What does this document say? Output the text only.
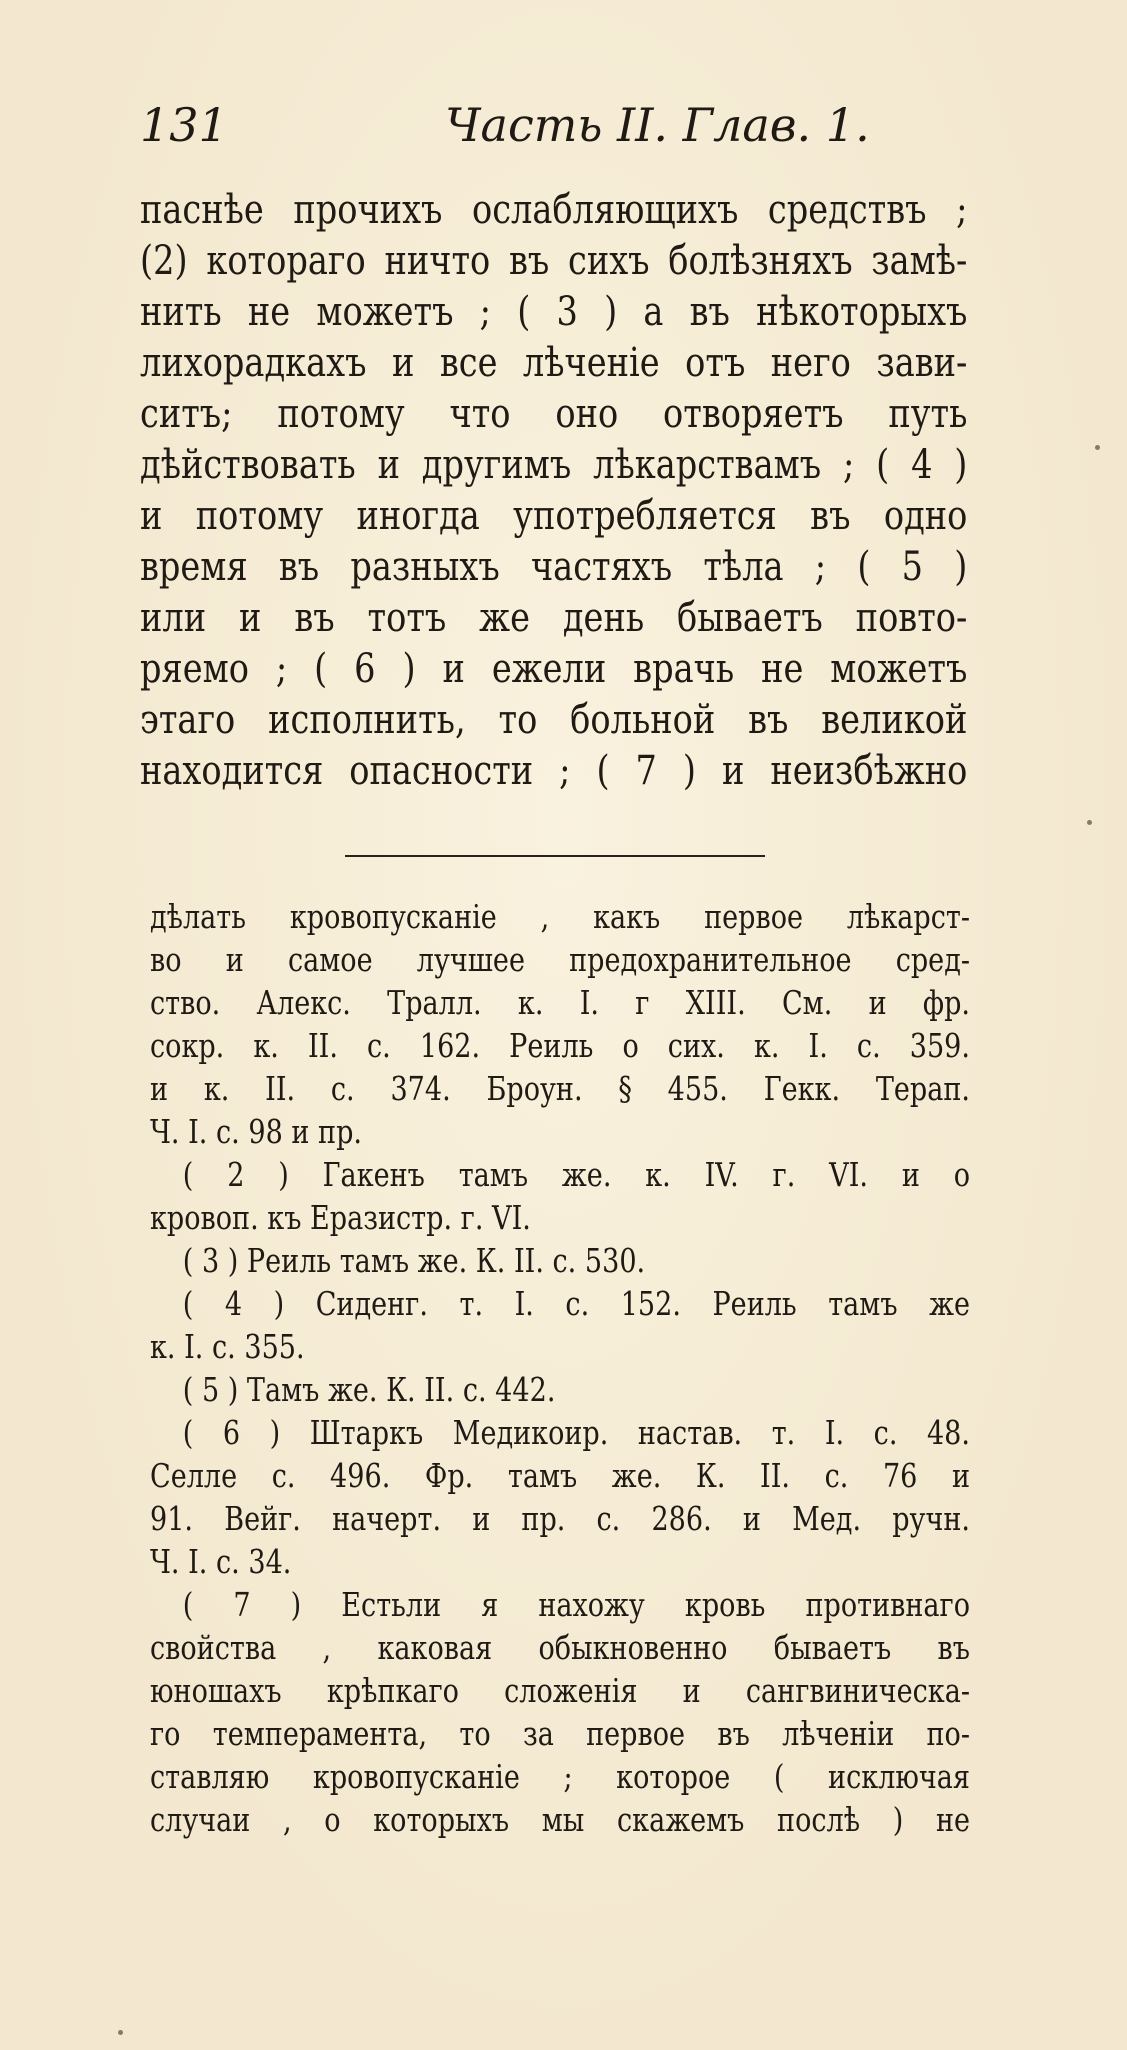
131	Часть II. Глав. 1.
паснѣе прочихъ ослабляющихъ средствъ ;
(2) котораго ничто въ сихъ болѣзняхъ замѣ-
нить не можетъ ; ( 3 ) а въ нѣкоторыхъ
лихорадкахъ и все лѣченіе отъ него зави-
ситъ; потому что оно отворяетъ путь
дѣйствовать и другимъ лѣкарствамъ ; ( 4 )
и потому иногда употребляется въ одно
время въ разныхъ частяхъ тѣла ; ( 5 )
или и въ тотъ же день бываетъ повто-
ряемо ; ( 6 ) и ежели врачь не можетъ
этаго исполнить, то больной въ великой
находится опасности ; ( 7 ) и неизбѣжно
дѣлать кровопусканіе , какъ первое лѣкарст-
во и самое лучшее предохранительное сред-
ство. Алекс. Тралл. к. I. г XIII. См. и фр.
сокр. к. II. с. 162. Реиль о сих. к. I. с. 359.
и к. II. с. 374. Броун. § 455. Гекк. Терап.
Ч. I. с. 98 и пр.
( 2 ) Гакенъ тамъ же. к. IV. г. VI. и о
кровоп. къ Еразистр. г. VI.
( 3 ) Реиль тамъ же. К. II. с. 530.
( 4 ) Сиденг. т. I. с. 152. Реиль тамъ же
к. I. с. 355.
( 5 ) Тамъ же. К. II. с. 442.
( 6 ) Штаркъ Медикоир. настав. т. I. с. 48.
Селле с. 496. Фр. тамъ же. К. II. с. 76 и
91. Вейг. начерт. и пр. с. 286. и Мед. ручн.
Ч. I. с. 34.
( 7 ) Естьли я нахожу кровь противнаго
свойства , каковая обыкновенно бываетъ въ
юношахъ крѣпкаго сложенія и сангвиническа-
го темперамента, то за первое въ лѣченіи по-
ставляю кровопусканіе ; которое ( исключая
случаи , о которыхъ мы скажемъ послѣ ) не
